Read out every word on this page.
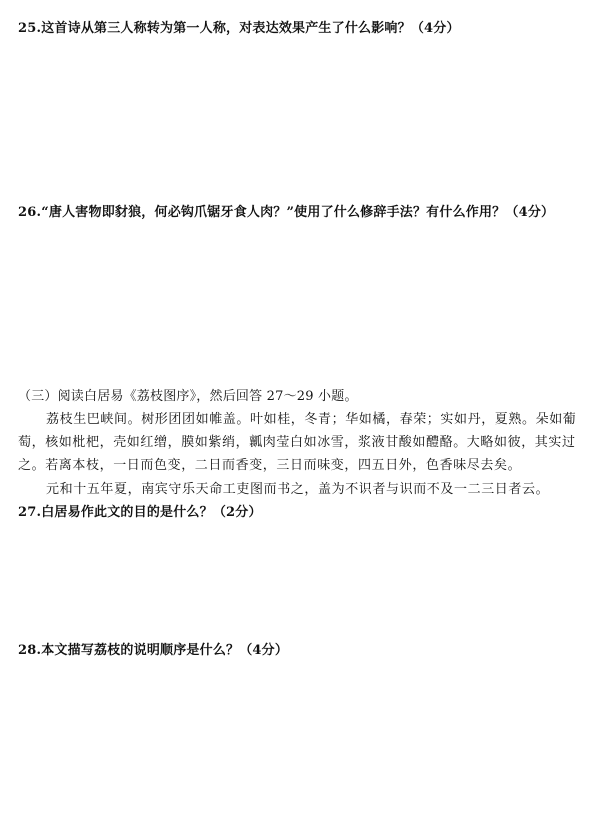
25.这首诗从第三人称转为第一人称，对表达效果产生了什么影响？（4分）
26.“唐人害物即豺狼，何必钩爪锯牙食人肉？”使用了什么修辞手法？有什么作用？（4分）
（三）阅读白居易《荔枝图序》，然后回答 27～29 小题。
荔枝生巴峡间。树形团团如帷盖。叶如桂，冬青；华如橘，春荣；实如丹，夏熟。朵如葡
萄，核如枇杷，壳如红缯，膜如紫绡，瓤肉莹白如冰雪，浆液甘酸如醴酪。大略如彼，其实过
之。若离本枝，一日而色变，二日而香变，三日而味变，四五日外，色香味尽去矣。
元和十五年夏，南宾守乐天命工吏图而书之，盖为不识者与识而不及一二三日者云。
27.白居易作此文的目的是什么？（2分）
28.本文描写荔枝的说明顺序是什么？（4分）
